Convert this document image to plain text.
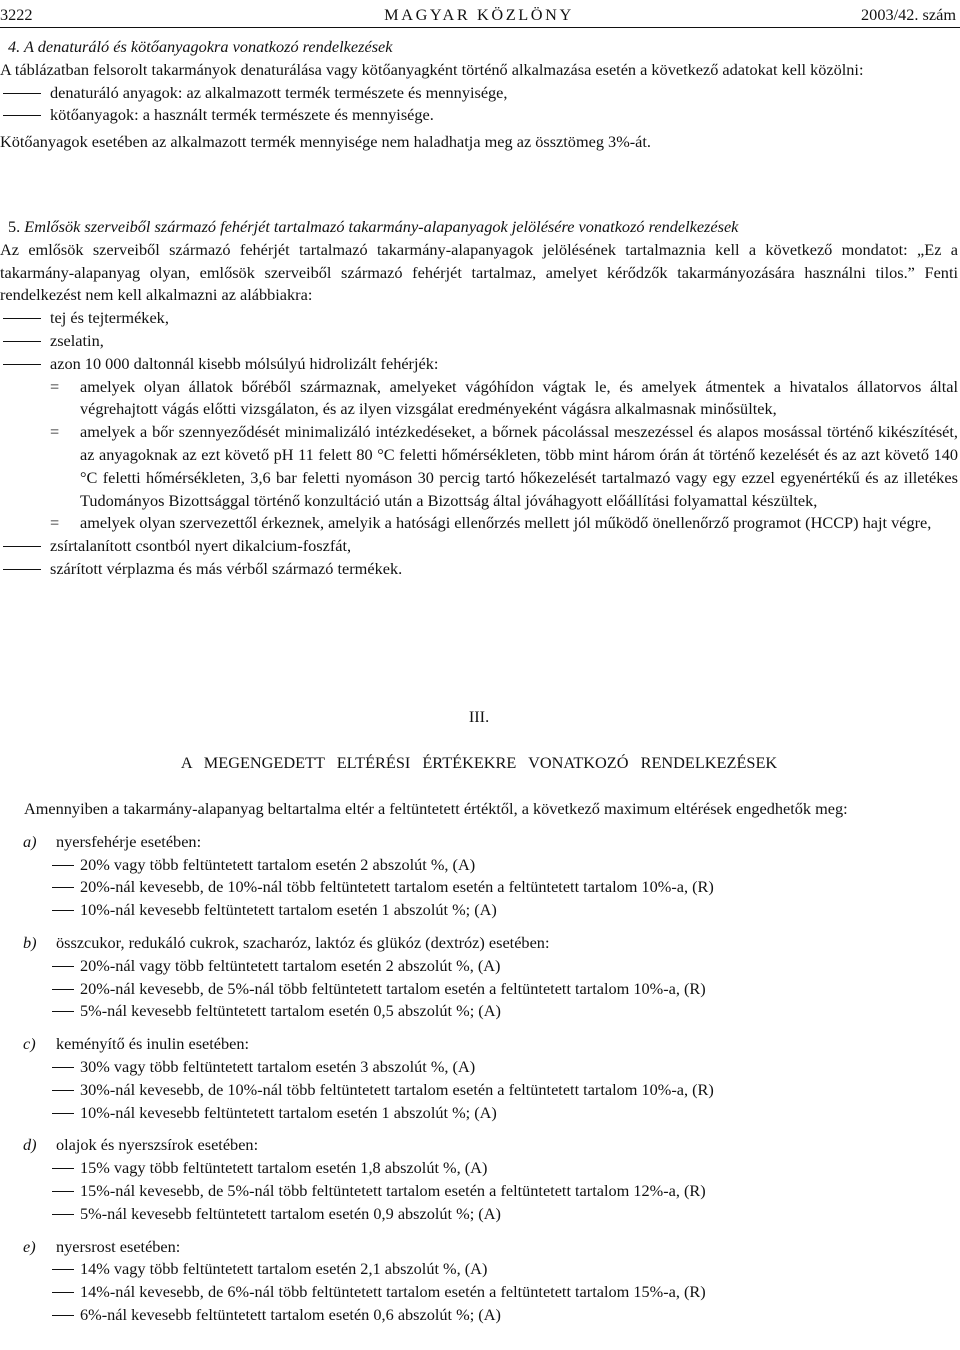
3222	MAGYAR KÖZLÖNY	2003/42. szám

4. A denaturáló és kötőanyagokra vonatkozó rendelkezések

A táblázatban felsorolt takarmányok denaturálása vagy kötőanyagként történő alkalmazása esetén a következő adatokat kell közölni:

denaturáló anyagok: az alkalmazott termék természete és mennyisége,

kötőanyagok: a használt termék természete és mennyisége.

Kötőanyagok esetében az alkalmazott termék mennyisége nem haladhatja meg az össztömeg 3%-át.

5. Emlősök szerveiből származó fehérjét tartalmazó takarmány-alapanyagok jelölésére vonatkozó rendelkezések

Az emlősök szerveiből származó fehérjét tartalmazó takarmány-alapanyagok jelölésének tartalmaznia kell a következő mondatot: „Ez a takarmány-alapanyag olyan, emlősök szerveiből származó fehérjét tartalmaz, amelyet kérődzők takarmányozására használni tilos.” Fenti rendelkezést nem kell alkalmazni az alábbiakra:

tej és tejtermékek,

zselatin,

azon 10 000 daltonnál kisebb mólsúlyú hidrolizált fehérjék:

= amelyek olyan állatok bőréből származnak, amelyeket vágóhídon vágtak le, és amelyek átmentek a hivatalos állatorvos által végrehajtott vágás előtti vizsgálaton, és az ilyen vizsgálat eredményeként vágásra alkalmasnak minősültek,

= amelyek a bőr szennyeződését minimalizáló intézkedéseket, a bőrnek pácolással meszezéssel és alapos mosással történő kikészítését, az anyagoknak az ezt követő pH 11 felett 80 °C feletti hőmérsékleten, több mint három órán át történő kezelését és az azt követő 140 °C feletti hőmérsékleten, 3,6 bar feletti nyomáson 30 percig tartó hőkezelését tartalmazó vagy egy ezzel egyenértékű és az illetékes Tudományos Bizottsággal történő konzultáció után a Bizottság által jóváhagyott előállítási folyamattal készültek,

= amelyek olyan szervezettől érkeznek, amelyik a hatósági ellenőrzés mellett jól működő önellenőrző programot (HCCP) hajt végre,

zsírtalanított csontból nyert dikalcium-foszfát,

szárított vérplazma és más vérből származó termékek.

III.

A MEGENGEDETT ELTÉRÉSI ÉRTÉKEKRE VONATKOZÓ RENDELKEZÉSEK

Amennyiben a takarmány-alapanyag beltartalma eltér a feltüntetett értéktől, a következő maximum eltérések engedhetők meg:

a) nyersfehérje esetében:

20% vagy több feltüntetett tartalom esetén 2 abszolút %, (A)

20%-nál kevesebb, de 10%-nál több feltüntetett tartalom esetén a feltüntetett tartalom 10%-a, (R)

10%-nál kevesebb feltüntetett tartalom esetén 1 abszolút %; (A)

b) összcukor, redukáló cukrok, szacharóz, laktóz és glükóz (dextróz) esetében:

20%-nál vagy több feltüntetett tartalom esetén 2 abszolút %, (A)

20%-nál kevesebb, de 5%-nál több feltüntetett tartalom esetén a feltüntetett tartalom 10%-a, (R)

5%-nál kevesebb feltüntetett tartalom esetén 0,5 abszolút %; (A)

c) keményítő és inulin esetében:

30% vagy több feltüntetett tartalom esetén 3 abszolút %, (A)

30%-nál kevesebb, de 10%-nál több feltüntetett tartalom esetén a feltüntetett tartalom 10%-a, (R)

10%-nál kevesebb feltüntetett tartalom esetén 1 abszolút %; (A)

d) olajok és nyerszsírok esetében:

15% vagy több feltüntetett tartalom esetén 1,8 abszolút %, (A)

15%-nál kevesebb, de 5%-nál több feltüntetett tartalom esetén a feltüntetett tartalom 12%-a, (R)

5%-nál kevesebb feltüntetett tartalom esetén 0,9 abszolút %; (A)

e) nyersrost esetében:

14% vagy több feltüntetett tartalom esetén 2,1 abszolút %, (A)

14%-nál kevesebb, de 6%-nál több feltüntetett tartalom esetén a feltüntetett tartalom 15%-a, (R)

6%-nál kevesebb feltüntetett tartalom esetén 0,6 abszolút %; (A)
